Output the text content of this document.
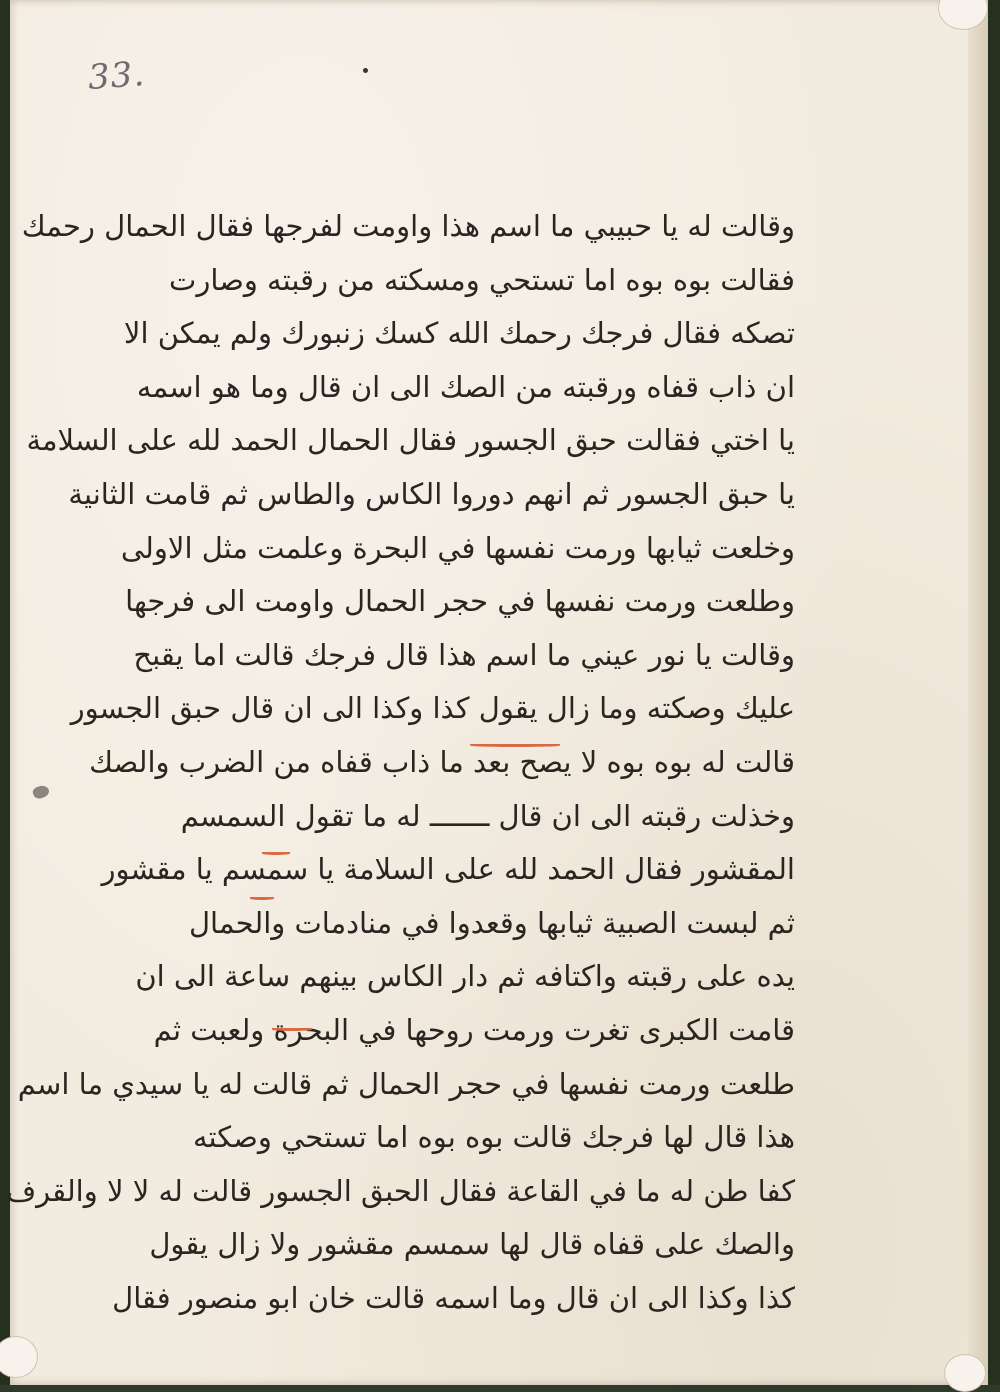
33.
وقالت له يا حبيبي ما اسم هذا واومت لفرجها فقال الحمال رحمك
فقالت بوه بوه اما تستحي ومسكته من رقبته وصارت
تصكه فقال فرجك رحمك الله كسك زنبورك ولم يمكن الا
ان ذاب قفاه ورقبته من الصك الى ان قال وما هو اسمه
يا اختي فقالت حبق الجسور فقال الحمال الحمد لله على السلامة
يا حبق الجسور ثم انهم دوروا الكاس والطاس ثم قامت الثانية
وخلعت ثيابها ورمت نفسها في البحرة وعلمت مثل الاولى
وطلعت ورمت نفسها في حجر الحمال واومت الى فرجها
وقالت يا نور عيني ما اسم هذا قال فرجك قالت اما يقبح
عليك وصكته وما زال يقول كذا وكذا الى ان قال حبق الجسور
قالت له بوه بوه لا يصح بعد ما ذاب قفاه من الضرب والصك
وخذلت رقبته الى ان قال ـــــــ له ما تقول السمسم
المقشور فقال الحمد لله على السلامة يا سمسم يا مقشور
ثم لبست الصبية ثيابها وقعدوا في منادمات والحمال
يده على رقبته واكتافه ثم دار الكاس بينهم ساعة الى ان
قامت الكبرى تغرت ورمت روحها في البحرة ولعبت ثم
طلعت ورمت نفسها في حجر الحمال ثم قالت له يا سيدي ما اسم
هذا قال لها فرجك قالت بوه بوه اما تستحي وصكته
كفا طن له ما في القاعة فقال الحبق الجسور قالت له لا لا والقرف
والصك على قفاه قال لها سمسم مقشور ولا زال يقول
كذا وكذا الى ان قال وما اسمه قالت خان ابو منصور فقال
